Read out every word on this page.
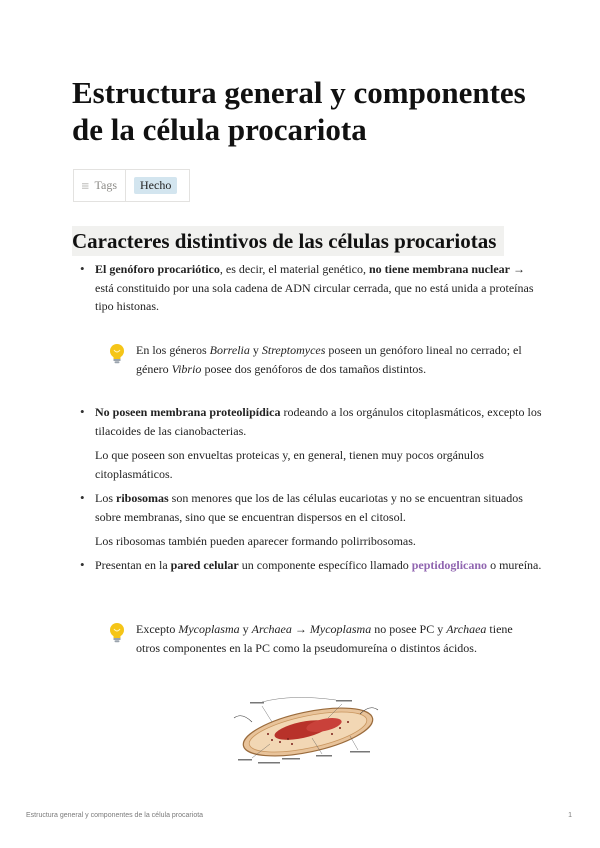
Estructura general y componentes de la célula procariota
Tags	Hecho
Caracteres distintivos de las células procariotas

• El genóforo procariótico, es decir, el material genético, no tiene membrana nuclear → está constituido por una sola cadena de ADN circular cerrada, que no está unida a proteínas tipo histonas.

En los géneros Borrelia y Streptomyces poseen un genóforo lineal no cerrado; el género Vibrio posee dos genóforos de dos tamaños distintos.

• No poseen membrana proteolipídica rodeando a los orgánulos citoplasmáticos, excepto los tilacoides de las cianobacterias.

Lo que poseen son envueltas proteicas y, en general, tienen muy pocos orgánulos citoplasmáticos.

• Los ribosomas son menores que los de las células eucariotas y no se encuentran situados sobre membranas, sino que se encuentran dispersos en el citosol.

Los ribosomas también pueden aparecer formando polirribosomas.

• Presentan en la pared celular un componente específico llamado peptidoglicano o mureína.

Excepto Mycoplasma y Archaea → Mycoplasma no posee PC y Archaea tiene otros componentes en la PC como la pseudomureína o distintos ácidos.

Estructura general y componentes de la célula procariota	1
